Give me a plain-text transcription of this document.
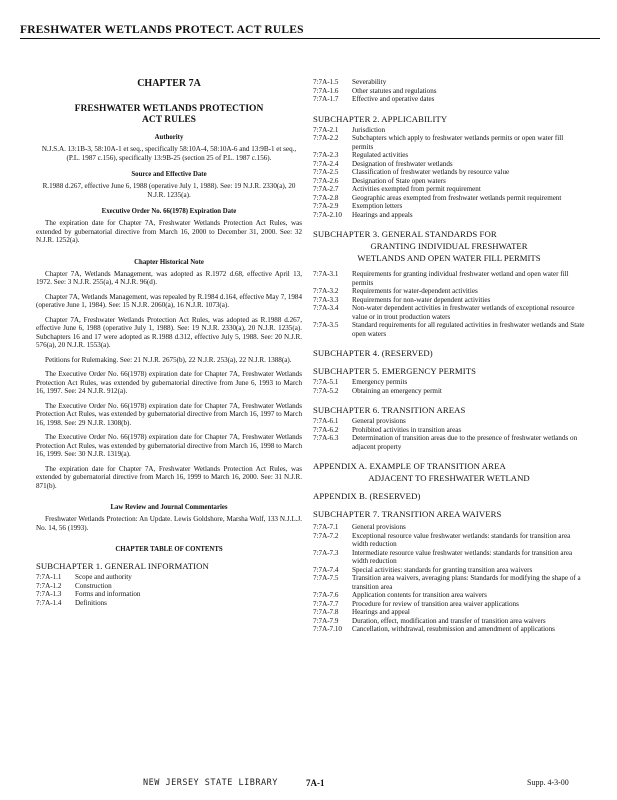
FRESHWATER WETLANDS PROTECT. ACT RULES
CHAPTER 7A
FRESHWATER WETLANDS PROTECTION
ACT RULES
Authority
N.J.S.A. 13:1B-3, 58:10A-1 et seq., specifically 58:10A-4, 58:10A-6 and 13:9B-1 et seq., (P.L. 1987 c.156), specifically 13:9B-25 (section 25 of P.L. 1987 c.156).
Source and Effective Date
R.1988 d.267, effective June 6, 1988 (operative July 1, 1988). See: 19 N.J.R. 2330(a), 20 N.J.R. 1235(a).
Executive Order No. 66(1978) Expiration Date
The expiration date for Chapter 7A, Freshwater Wetlands Protection Act Rules, was extended by gubernatorial directive from March 16, 2000 to December 31, 2000. See: 32 N.J.R. 1252(a).
Chapter Historical Note
Chapter 7A, Wetlands Management, was adopted as R.1972 d.68, effective April 13, 1972. See: 3 N.J.R. 255(a), 4 N.J.R. 96(d).
Chapter 7A, Wetlands Management, was repealed by R.1984 d.164, effective May 7, 1984 (operative June 1, 1984). See: 15 N.J.R. 2060(a), 16 N.J.R. 1073(a).
Chapter 7A, Freshwater Wetlands Protection Act Rules, was adopted as R.1988 d.267, effective June 6, 1988 (operative July 1, 1988). See: 19 N.J.R. 2330(a), 20 N.J.R. 1235(a). Subchapters 16 and 17 were adopted as R.1988 d.312, effective July 5, 1988. See: 20 N.J.R. 576(a), 20 N.J.R. 1553(a).
Petitions for Rulemaking. See: 21 N.J.R. 2675(b), 22 N.J.R. 253(a), 22 N.J.R. 1388(a).
The Executive Order No. 66(1978) expiration date for Chapter 7A, Freshwater Wetlands Protection Act Rules, was extended by gubernatorial directive from June 6, 1993 to March 16, 1997. See: 24 N.J.R. 912(a).
The Executive Order No. 66(1978) expiration date for Chapter 7A, Freshwater Wetlands Protection Act Rules, was extended by gubernatorial directive from March 16, 1997 to March 16, 1998. See: 29 N.J.R. 1308(b).
The Executive Order No. 66(1978) expiration date for Chapter 7A, Freshwater Wetlands Protection Act Rules, was extended by gubernatorial directive from March 16, 1998 to March 16, 1999. See: 30 N.J.R. 1319(a).
The expiration date for Chapter 7A, Freshwater Wetlands Protection Act Rules, was extended by gubernatorial directive from March 16, 1999 to March 16, 2000. See: 31 N.J.R. 871(b).
Law Review and Journal Commentaries
Freshwater Wetlands Protection: An Update. Lewis Goldshore, Marsha Wolf, 133 N.J.L.J. No. 14, 56 (1993).
CHAPTER TABLE OF CONTENTS
SUBCHAPTER 1. GENERAL INFORMATION
7:7A-1.1	Scope and authority
7:7A-1.2	Construction
7:7A-1.3	Forms and information
7:7A-1.4	Definitions
7:7A-1.5	Severability
7:7A-1.6	Other statutes and regulations
7:7A-1.7	Effective and operative dates
SUBCHAPTER 2. APPLICABILITY
7:7A-2.1	Jurisdiction
7:7A-2.2	Subchapters which apply to freshwater wetlands permits or open water fill permits
7:7A-2.3	Regulated activities
7:7A-2.4	Designation of freshwater wetlands
7:7A-2.5	Classification of freshwater wetlands by resource value
7:7A-2.6	Designation of State open waters
7:7A-2.7	Activities exempted from permit requirement
7:7A-2.8	Geographic areas exempted from freshwater wetlands permit requirement
7:7A-2.9	Exemption letters
7:7A-2.10	Hearings and appeals
SUBCHAPTER 3. GENERAL STANDARDS FOR
GRANTING INDIVIDUAL FRESHWATER
WETLANDS AND OPEN WATER FILL PERMITS
7:7A-3.1	Requirements for granting individual freshwater wetland and open water fill permits
7:7A-3.2	Requirements for water-dependent activities
7:7A-3.3	Requirements for non-water dependent activities
7:7A-3.4	Non-water dependent activities in freshwater wetlands of exceptional resource value or in trout production waters
7:7A-3.5	Standard requirements for all regulated activities in freshwater wetlands and State open waters
SUBCHAPTER 4. (RESERVED)
SUBCHAPTER 5. EMERGENCY PERMITS
7:7A-5.1	Emergency permits
7:7A-5.2	Obtaining an emergency permit
SUBCHAPTER 6. TRANSITION AREAS
7:7A-6.1	General provisions
7:7A-6.2	Prohibited activities in transition areas
7:7A-6.3	Determination of transition areas due to the presence of freshwater wetlands on adjacent property
APPENDIX A. EXAMPLE OF TRANSITION AREA
ADJACENT TO FRESHWATER WETLAND
APPENDIX B. (RESERVED)
SUBCHAPTER 7. TRANSITION AREA WAIVERS
7:7A-7.1	General provisions
7:7A-7.2	Exceptional resource value freshwater wetlands: standards for transition area width reduction
7:7A-7.3	Intermediate resource value freshwater wetlands: standards for transition area width reduction
7:7A-7.4	Special activities: standards for granting transition area waivers
7:7A-7.5	Transition area waivers, averaging plans: Standards for modifying the shape of a transition area
7:7A-7.6	Application contents for transition area waivers
7:7A-7.7	Procedure for review of transition area waiver applications
7:7A-7.8	Hearings and appeal
7:7A-7.9	Duration, effect, modification and transfer of transition area waivers
7:7A-7.10	Cancellation, withdrawal, resubmission and amendment of applications
NEW JERSEY STATE LIBRARY	7A-1	Supp. 4-3-00
